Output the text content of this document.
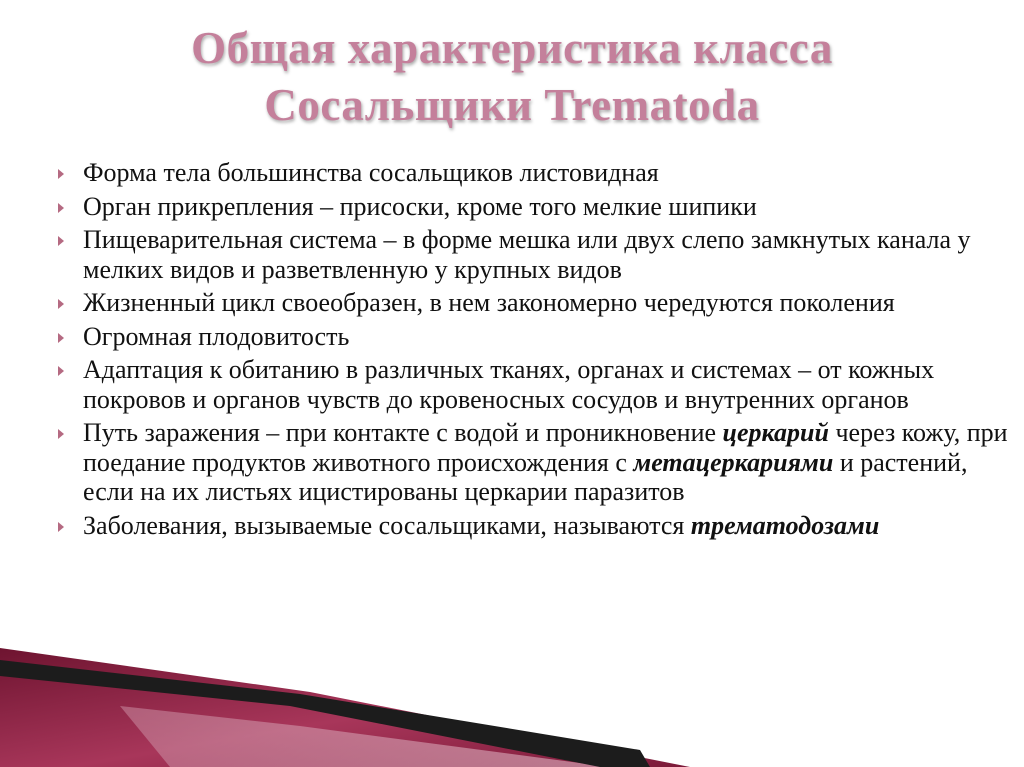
Общая характеристика класса
Сосальщики Trematoda
Форма тела большинства сосальщиков листовидная
Орган прикрепления – присоски, кроме того мелкие шипики
Пищеварительная система – в форме мешка или двух слепо замкнутых канала у мелких видов и разветвленную у крупных видов
Жизненный цикл своеобразен, в нем закономерно чередуются поколения
Огромная плодовитость
Адаптация к обитанию в различных тканях, органах и системах – от кожных покровов и органов чувств до кровеносных сосудов и внутренних органов
Путь заражения – при контакте с водой и проникновение церкарий через кожу, при поедание продуктов животного происхождения с метацеркариями и растений, если на их листьях ицистированы церкарии паразитов
Заболевания, вызываемые сосальщиками, называются трематодозами
